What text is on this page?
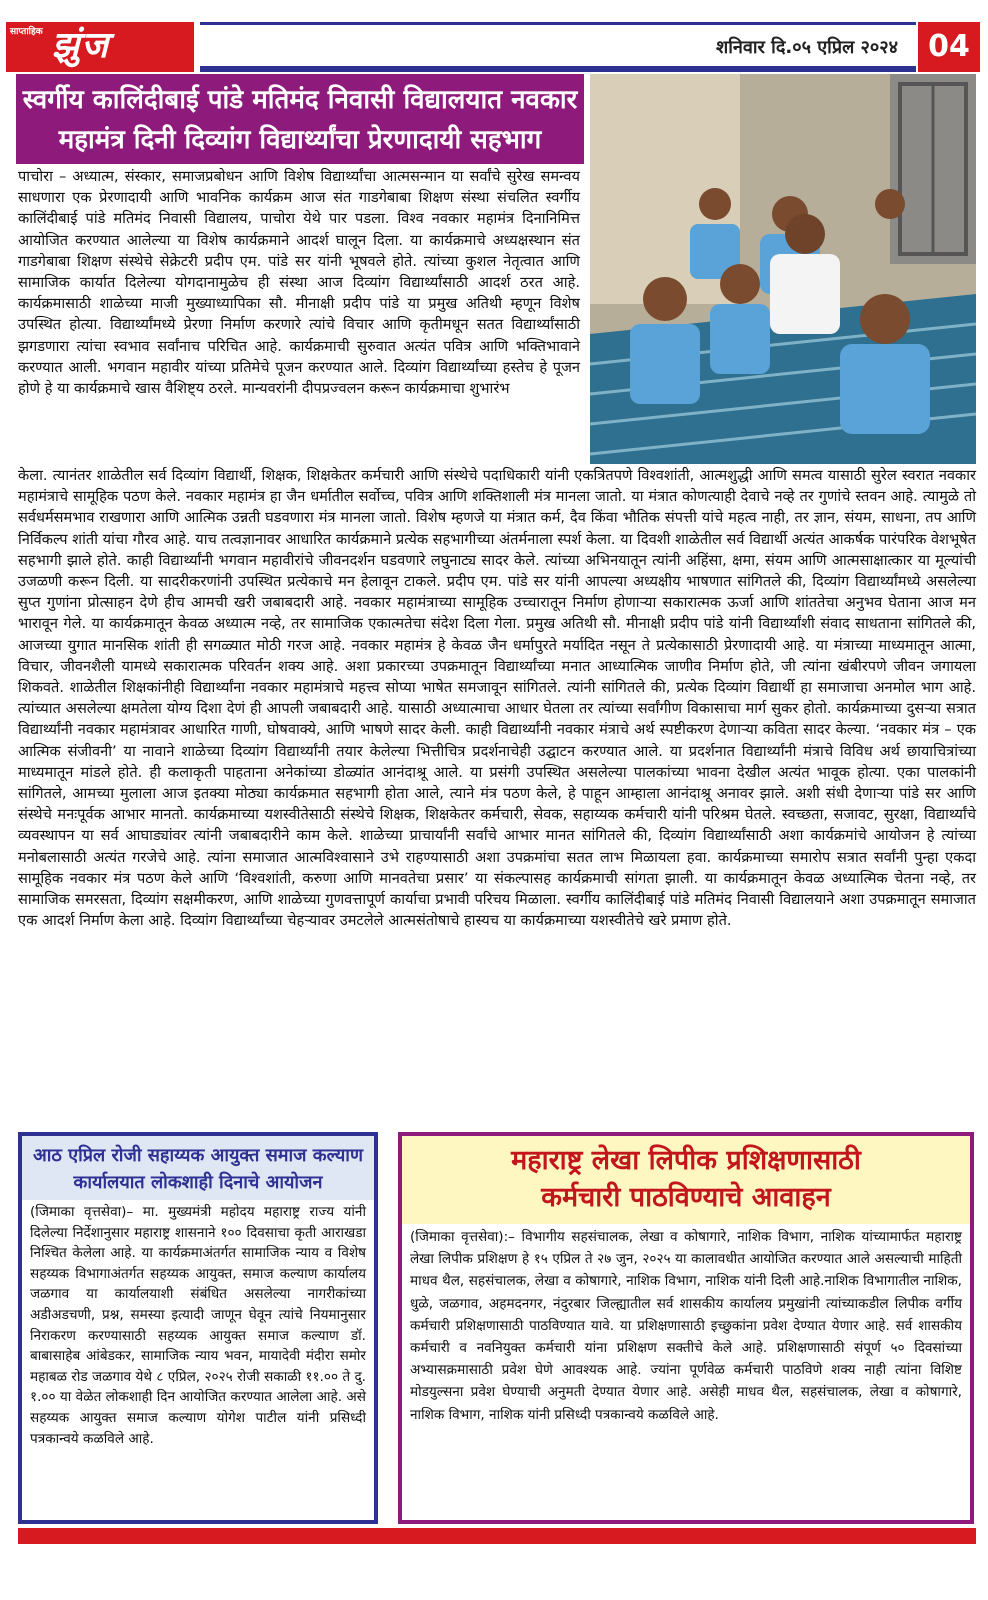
साप्ताहिक झुंज	शनिवार दि.०५ एप्रिल २०२४	04
स्वर्गीय कालिंदीबाई पांडे मतिमंद निवासी विद्यालयात नवकार
महामंत्र दिनी दिव्यांग विद्यार्थ्यांचा प्रेरणादायी सहभाग
पाचोरा – अध्यात्म, संस्कार, समाजप्रबोधन आणि विशेष विद्यार्थ्यांचा आत्मसन्मान या सर्वांचे सुरेख समन्वय साधणारा एक प्रेरणादायी आणि भावनिक कार्यक्रम आज संत गाडगेबाबा शिक्षण संस्था संचलित स्वर्गीय कालिंदीबाई पांडे मतिमंद निवासी विद्यालय, पाचोरा येथे पार पडला. विश्व नवकार महामंत्र दिनानिमित्त आयोजित करण्यात आलेल्या या विशेष कार्यक्रमाने आदर्श घालून दिला. या कार्यक्रमाचे अध्यक्षस्थान संत गाडगेबाबा शिक्षण संस्थेचे सेक्रेटरी प्रदीप एम. पांडे सर यांनी भूषवले होते. त्यांच्या कुशल नेतृत्वात आणि सामाजिक कार्यात दिलेल्या योगदानामुळेच ही संस्था आज दिव्यांग विद्यार्थ्यांसाठी आदर्श ठरत आहे. कार्यक्रमासाठी शाळेच्या माजी मुख्याध्यापिका सौ. मीनाक्षी प्रदीप पांडे या प्रमुख अतिथी म्हणून विशेष उपस्थित होत्या. विद्यार्थ्यांमध्ये प्रेरणा निर्माण करणारे त्यांचे विचार आणि कृतीमधून सतत विद्यार्थ्यांसाठी झगडणारा त्यांचा स्वभाव सर्वांनाच परिचित आहे. कार्यक्रमाची सुरुवात अत्यंत पवित्र आणि भक्तिभावाने करण्यात आली. भगवान महावीर यांच्या प्रतिमेचे पूजन करण्यात आले. दिव्यांग विद्यार्थ्यांच्या हस्तेच हे पूजन होणे हे या कार्यक्रमाचे खास वैशिष्ट्य ठरले. मान्यवरांनी दीपप्रज्वलन करून कार्यक्रमाचा शुभारंभ
केला. त्यानंतर शाळेतील सर्व दिव्यांग विद्यार्थी, शिक्षक, शिक्षकेतर कर्मचारी आणि संस्थेचे पदाधिकारी यांनी एकत्रितपणे विश्वशांती, आत्मशुद्धी आणि समत्व यासाठी सुरेल स्वरात नवकार महामंत्राचे सामूहिक पठण केले. नवकार महामंत्र हा जैन धर्मातील सर्वोच्च, पवित्र आणि शक्तिशाली मंत्र मानला जातो. या मंत्रात कोणत्याही देवाचे नव्हे तर गुणांचे स्तवन आहे. त्यामुळे तो सर्वधर्मसमभाव राखणारा आणि आत्मिक उन्नती घडवणारा मंत्र मानला जातो. विशेष म्हणजे या मंत्रात कर्म, दैव किंवा भौतिक संपत्ती यांचे महत्व नाही, तर ज्ञान, संयम, साधना, तप आणि निर्विकल्प शांती यांचा गौरव आहे. याच तत्वज्ञानावर आधारित कार्यक्रमाने प्रत्येक सहभागीच्या अंतर्मनाला स्पर्श केला. या दिवशी शाळेतील सर्व विद्यार्थी अत्यंत आकर्षक पारंपरिक वेशभूषेत सहभागी झाले होते. काही विद्यार्थ्यांनी भगवान महावीरांचे जीवनदर्शन घडवणारे लघुनाट्य सादर केले. त्यांच्या अभिनयातून त्यांनी अहिंसा, क्षमा, संयम आणि आत्मसाक्षात्कार या मूल्यांची उजळणी करून दिली. या सादरीकरणांनी उपस्थित प्रत्येकाचे मन हेलावून टाकले. प्रदीप एम. पांडे सर यांनी आपल्या अध्यक्षीय भाषणात सांगितले की, दिव्यांग विद्यार्थ्यांमध्ये असलेल्या सुप्त गुणांना प्रोत्साहन देणे हीच आमची खरी जबाबदारी आहे. नवकार महामंत्राच्या सामूहिक उच्चारातून निर्माण होणाऱ्या सकारात्मक ऊर्जा आणि शांततेचा अनुभव घेताना आज मन भारावून गेले. या कार्यक्रमातून केवळ अध्यात्म नव्हे, तर सामाजिक एकात्मतेचा संदेश दिला गेला. प्रमुख अतिथी सौ. मीनाक्षी प्रदीप पांडे यांनी विद्यार्थ्यांशी संवाद साधताना सांगितले की, आजच्या युगात मानसिक शांती ही सगळ्यात मोठी गरज आहे. नवकार महामंत्र हे केवळ जैन धर्मापुरते मर्यादित नसून ते प्रत्येकासाठी प्रेरणादायी आहे. या मंत्राच्या माध्यमातून आत्मा, विचार, जीवनशैली यामध्ये सकारात्मक परिवर्तन शक्य आहे. अशा प्रकारच्या उपक्रमातून विद्यार्थ्यांच्या मनात आध्यात्मिक जाणीव निर्माण होते, जी त्यांना खंबीरपणे जीवन जगायला शिकवते. शाळेतील शिक्षकांनीही विद्यार्थ्यांना नवकार महामंत्राचे महत्त्व सोप्या भाषेत समजावून सांगितले. त्यांनी सांगितले की, प्रत्येक दिव्यांग विद्यार्थी हा समाजाचा अनमोल भाग आहे. त्यांच्यात असलेल्या क्षमतेला योग्य दिशा देणं ही आपली जबाबदारी आहे. यासाठी अध्यात्माचा आधार घेतला तर त्यांच्या सर्वांगीण विकासाचा मार्ग सुकर होतो. कार्यक्रमाच्या दुसऱ्या सत्रात विद्यार्थ्यांनी नवकार महामंत्रावर आधारित गाणी, घोषवाक्ये, आणि भाषणे सादर केली. काही विद्यार्थ्यांनी नवकार मंत्राचे अर्थ स्पष्टीकरण देणाऱ्या कविता सादर केल्या. ‘नवकार मंत्र – एक आत्मिक संजीवनी’ या नावाने शाळेच्या दिव्यांग विद्यार्थ्यांनी तयार केलेल्या भित्तीचित्र प्रदर्शनाचेही उद्घाटन करण्यात आले. या प्रदर्शनात विद्यार्थ्यांनी मंत्राचे विविध अर्थ छायाचित्रांच्या माध्यमातून मांडले होते. ही कलाकृती पाहताना अनेकांच्या डोळ्यांत आनंदाश्रू आले. या प्रसंगी उपस्थित असलेल्या पालकांच्या भावना देखील अत्यंत भावूक होत्या. एका पालकांनी सांगितले, आमच्या मुलाला आज इतक्या मोठ्या कार्यक्रमात सहभागी होता आले, त्याने मंत्र पठण केले, हे पाहून आम्हाला आनंदाश्रू अनावर झाले. अशी संधी देणाऱ्या पांडे सर आणि संस्थेचे मनःपूर्वक आभार मानतो. कार्यक्रमाच्या यशस्वीतेसाठी संस्थेचे शिक्षक, शिक्षकेतर कर्मचारी, सेवक, सहाय्यक कर्मचारी यांनी परिश्रम घेतले. स्वच्छता, सजावट, सुरक्षा, विद्यार्थ्यांचे व्यवस्थापन या सर्व आघाड्यांवर त्यांनी जबाबदारीने काम केले. शाळेच्या प्राचार्यांनी सर्वांचे आभार मानत सांगितले की, दिव्यांग विद्यार्थ्यांसाठी अशा कार्यक्रमांचे आयोजन हे त्यांच्या मनोबलासाठी अत्यंत गरजेचे आहे. त्यांना समाजात आत्मविश्वासाने उभे राहण्यासाठी अशा उपक्रमांचा सतत लाभ मिळायला हवा. कार्यक्रमाच्या समारोप सत्रात सर्वांनी पुन्हा एकदा सामूहिक नवकार मंत्र पठण केले आणि ‘विश्वशांती, करुणा आणि मानवतेचा प्रसार’ या संकल्पासह कार्यक्रमाची सांगता झाली. या कार्यक्रमातून केवळ अध्यात्मिक चेतना नव्हे, तर सामाजिक समरसता, दिव्यांग सक्षमीकरण, आणि शाळेच्या गुणवत्तापूर्ण कार्याचा प्रभावी परिचय मिळाला. स्वर्गीय कालिंदीबाई पांडे मतिमंद निवासी विद्यालयाने अशा उपक्रमातून समाजात एक आदर्श निर्माण केला आहे. दिव्यांग विद्यार्थ्यांच्या चेहऱ्यावर उमटलेले आत्मसंतोषाचे हास्यच या कार्यक्रमाच्या यशस्वीतेचे खरे प्रमाण होते.
आठ एप्रिल रोजी सहाय्यक आयुक्त समाज कल्याण
कार्यालयात लोकशाही दिनाचे आयोजन
(जिमाका वृत्तसेवा)– मा. मुख्यमंत्री महोदय महाराष्ट्र राज्य यांनी दिलेल्या निर्देशानुसार महाराष्ट्र शासनाने १०० दिवसाचा कृती आराखडा निश्चित केलेला आहे. या कार्यक्रमाअंतर्गत सामाजिक न्याय व विशेष सहय्यक विभागाअंतर्गत सहय्यक आयुक्त, समाज कल्याण कार्यालय जळगाव या कार्यालयाशी संबंधित असलेल्या नागरीकांच्या अडीअडचणी, प्रश्न, समस्या इत्यादी जाणून घेवून त्यांचे नियमानुसार निराकरण करण्यासाठी सहय्यक आयुक्त समाज कल्याण डॉ. बाबासाहेब आंबेडकर, सामाजिक न्याय भवन, मायादेवी मंदीरा समोर महाबळ रोड जळगाव येथे ८ एप्रिल, २०२५ रोजी सकाळी ११.०० ते दु. १.०० या वेळेत लोकशाही दिन आयोजित करण्यात आलेला आहे. असे सहय्यक आयुक्त समाज कल्याण योगेश पाटील यांनी प्रसिध्दी पत्रकान्वये कळविले आहे.
महाराष्ट्र लेखा लिपीक प्रशिक्षणासाठी
कर्मचारी पाठविण्याचे आवाहन
(जिमाका वृत्तसेवा):– विभागीय सहसंचालक, लेखा व कोषागारे, नाशिक विभाग, नाशिक यांच्यामार्फत महाराष्ट्र लेखा लिपीक प्रशिक्षण हे १५ एप्रिल ते २७ जुन, २०२५ या कालावधीत आयोजित करण्यात आले असल्याची माहिती माधव थैल, सहसंचालक, लेखा व कोषागारे, नाशिक विभाग, नाशिक यांनी दिली आहे.नाशिक विभागातील नाशिक, धुळे, जळगाव, अहमदनगर, नंदुरबार जिल्ह्यातील सर्व शासकीय कार्यालय प्रमुखांनी त्यांच्याकडील लिपीक वर्गीय कर्मचारी प्रशिक्षणासाठी पाठविण्यात यावे. या प्रशिक्षणासाठी इच्छुकांना प्रवेश देण्यात येणार आहे. सर्व शासकीय कर्मचारी व नवनियुक्त कर्मचारी यांना प्रशिक्षण सक्तीचे केले आहे. प्रशिक्षणासाठी संपूर्ण ५० दिवसांच्या अभ्यासक्रमासाठी प्रवेश घेणे आवश्यक आहे. ज्यांना पूर्णवेळ कर्मचारी पाठविणे शक्य नाही त्यांना विशिष्ट मोडयुल्सना प्रवेश घेण्याची अनुमती देण्यात येणार आहे. असेही माधव थैल, सहसंचालक, लेखा व कोषागारे, नाशिक विभाग, नाशिक यांनी प्रसिध्दी पत्रकान्वये कळविले आहे.
